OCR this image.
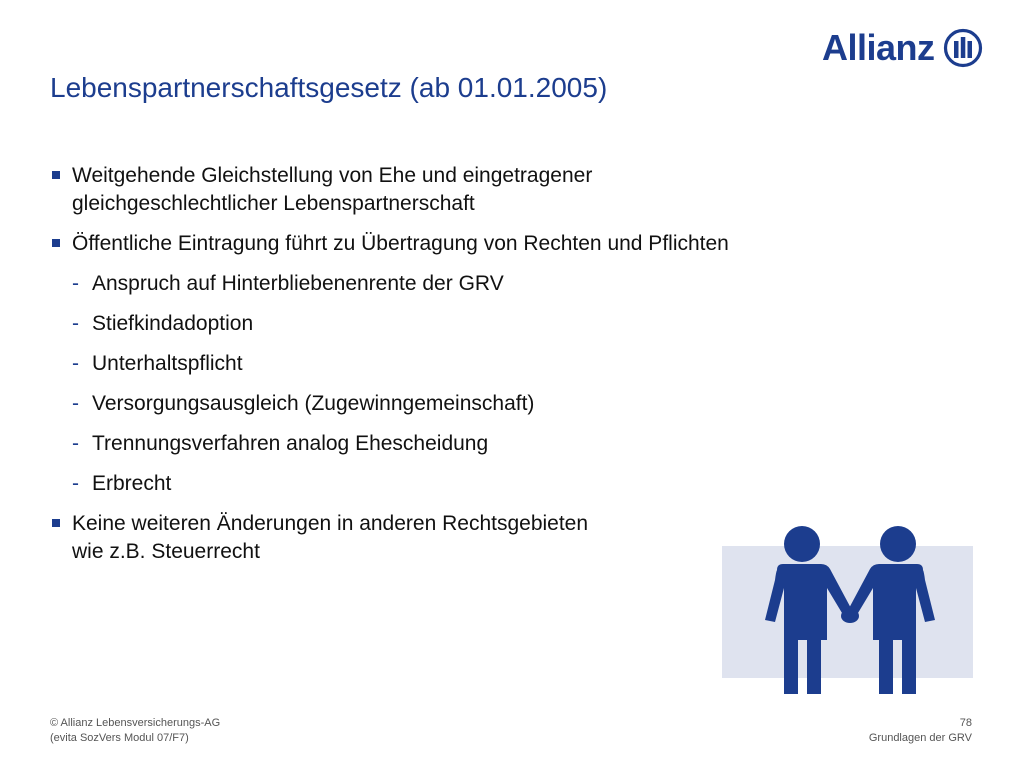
Allianz
Lebenspartnerschaftsgesetz (ab 01.01.2005)
Weitgehende Gleichstellung von Ehe und eingetragener
gleichgeschlechtlicher Lebenspartnerschaft
Öffentliche Eintragung führt zu Übertragung von Rechten und Pflichten
- Anspruch auf Hinterbliebenenrente der GRV
- Stiefkindadoption
- Unterhaltspflicht
- Versorgungsausgleich (Zugewinngemeinschaft)
- Trennungsverfahren analog Ehescheidung
- Erbrecht
Keine weiteren Änderungen in anderen Rechtsgebieten
wie z.B. Steuerrecht
© Allianz Lebensversicherungs-AG
(evita SozVers Modul 07/F7)
78
Grundlagen der GRV
